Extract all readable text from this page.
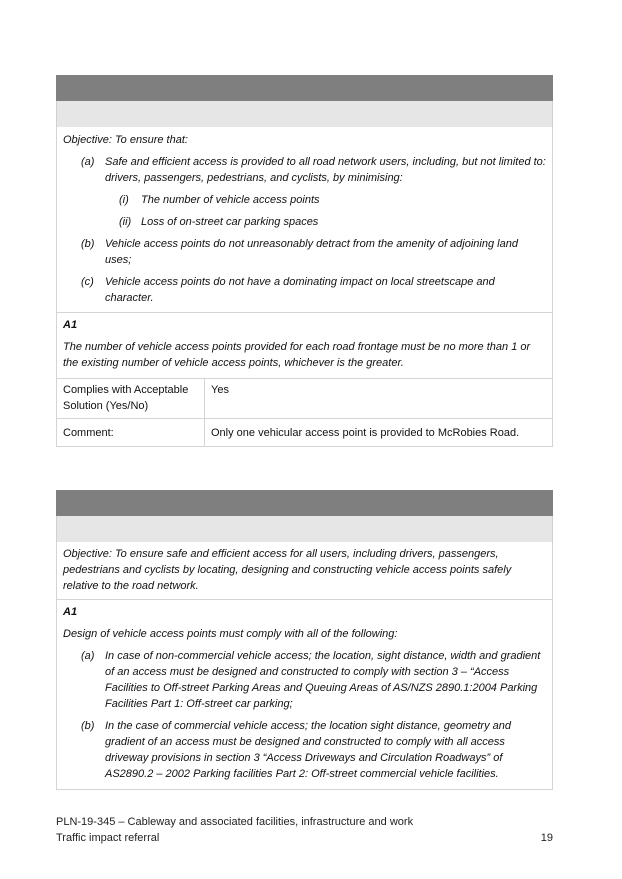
Objective: To ensure that:
(a) Safe and efficient access is provided to all road network users, including, but not limited to: drivers, passengers, pedestrians, and cyclists, by minimising:
(i)	The number of vehicle access points
(ii) Loss of on-street car parking spaces
(b) Vehicle access points do not unreasonably detract from the amenity of adjoining land uses;
(c)	Vehicle access points do not have a dominating impact on local streetscape and character.
A1
The number of vehicle access points provided for each road frontage must be no more than 1 or the existing number of vehicle access points, whichever is the greater.
Complies with Acceptable Solution (Yes/No)	Yes
Comment:	Only one vehicular access point is provided to McRobies Road.
Objective: To ensure safe and efficient access for all users, including drivers, passengers, pedestrians and cyclists by locating, designing and constructing vehicle access points safely relative to the road network.
A1
Design of vehicle access points must comply with all of the following:
(a) In case of non-commercial vehicle access; the location, sight distance, width and gradient of an access must be designed and constructed to comply with section 3 – “Access Facilities to Off-street Parking Areas and Queuing Areas of AS/NZS 2890.1:2004 Parking Facilities Part 1: Off-street car parking;
(b) In the case of commercial vehicle access; the location sight distance, geometry and gradient of an access must be designed and constructed to comply with all access driveway provisions in section 3 “Access Driveways and Circulation Roadways” of AS2890.2 – 2002 Parking facilities Part 2: Off-street commercial vehicle facilities.
PLN-19-345 – Cableway and associated facilities, infrastructure and work
Traffic impact referral	19
